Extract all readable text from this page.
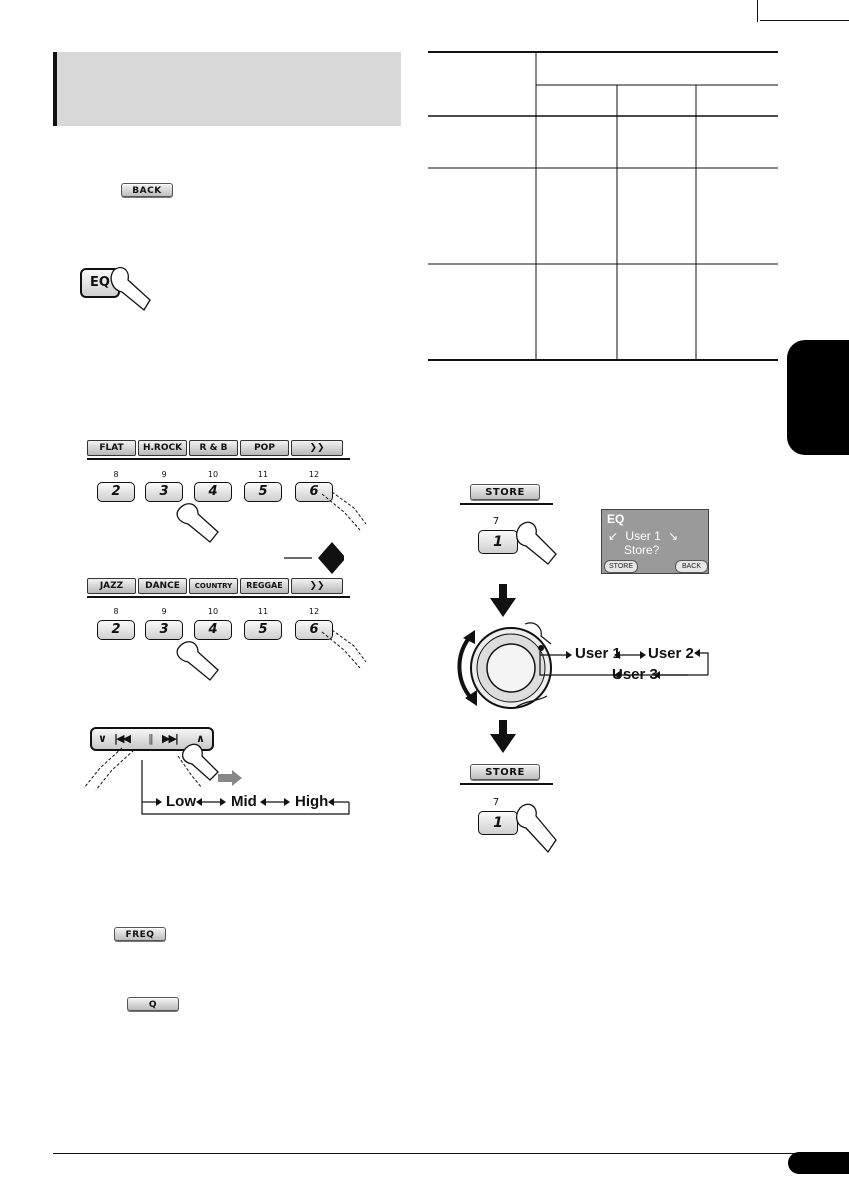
BACK
EQ
FLAT	H.ROCK	R & B	POP	❯❯
8	9	10	11	12
2	3	4	5	6
JAZZ	DANCE	COUNTRY	REGGAE	❯❯
8	9	10	11	12
2	3	4	5	6
∨ |◀◀ ‖ ▶▶| ∧
Low Mid	High
FREQ
Q
STORE
7
1
EQ
↙ User 1 ↘
Store?
STORE	BACK
User 1 User 2
User 3
STORE
7
1
